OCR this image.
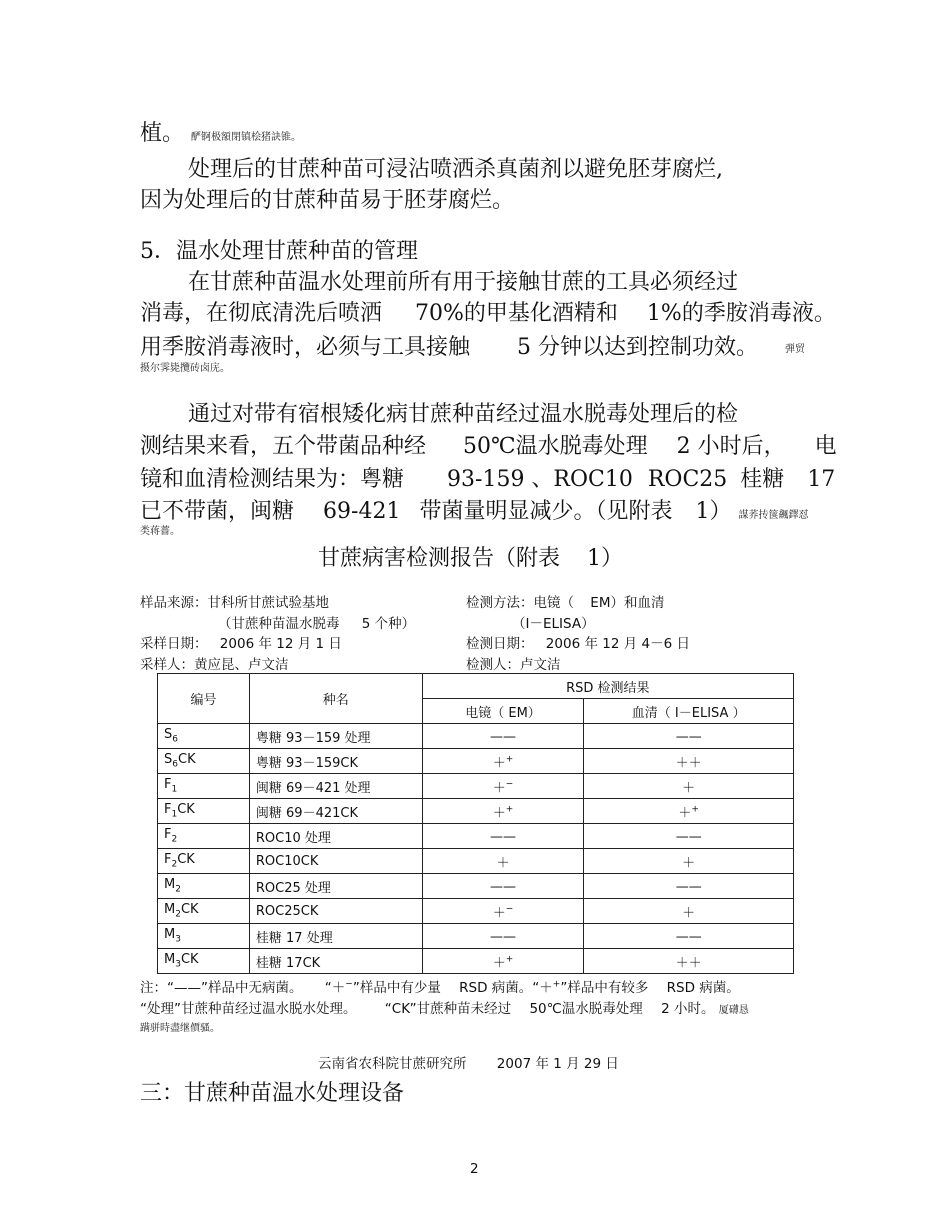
植。 酽锕极額閉镇桧猪訣锥。
处理后的甘蔗种苗可浸沾喷洒杀真菌剂以避免胚芽腐烂,
因为处理后的甘蔗种苗易于胚芽腐烂。
5．温水处理甘蔗种苗的管理
在甘蔗种苗温水处理前所有用于接触甘蔗的工具必须经过
消毒，在彻底清洗后喷洒 70%的甲基化酒精和 1%的季胺消毒液。
用季胺消毒液时，必须与工具接触 5 分钟以达到控制功效。	弾贸
摄尔霁毙攬砖卤庑。
通过对带有宿根矮化病甘蔗种苗经过温水脱毒处理后的检
测结果来看，五个带菌品种经 50℃温水脱毒处理 2 小时后， 电
镜和血清检测结果为：粤糖 93-159 、ROC10 ROC25 桂糖 17
已不带菌，闽糖 69-421 带菌量明显减少。（见附表 1） 謀荞抟箧飆鐸怼
类蒋薔。
甘蔗病害检测报告（附表 1）
样品来源：甘科所甘蔗试验基地	检测方法：电镜（ EM）和血清
（甘蔗种苗温水脱毒 5 个种）	（I－ELISA）
采样日期： 2006 年 12 月 1 日	检测日期： 2006 年 12 月 4－6 日
采样人：黄应昆、卢文洁	检测人：卢文洁
编号	种名	RSD 检测结果	
		电镜（ EM）	血清（ I－ELISA ）
$S_6$	粤糖 93－159 处理	——	——
$S_6CK$	粤糖 93－159CK	＋+	＋＋
$F_1$	闽糖 69－421 处理	＋−	＋
$F_1CK$	闽糖 69－421CK	＋+	＋+
$F_2$	ROC10 处理	——	——
$F_2CK$	ROC10CK	＋	＋
$M_2$	ROC25 处理	——	——
$M_2CK$	ROC25CK	＋−	＋
$M_3$	桂糖 17 处理	——	——
$M_3CK$	桂糖 17CK	＋+	＋＋
注：“——”样品中无病菌。 “＋−”样品中有少量 RSD 病菌。“＋+”样品中有较多 RSD 病菌。
“处理”甘蔗种苗经过温水脱水处理。 “CK”甘蔗种苗未经过 50℃温水脱毒处理 2 小时。 厦礴恳
蹒骈時盡继價骚。
云南省农科院甘蔗研究所 2007 年 1 月 29 日
三：甘蔗种苗温水处理设备
2
